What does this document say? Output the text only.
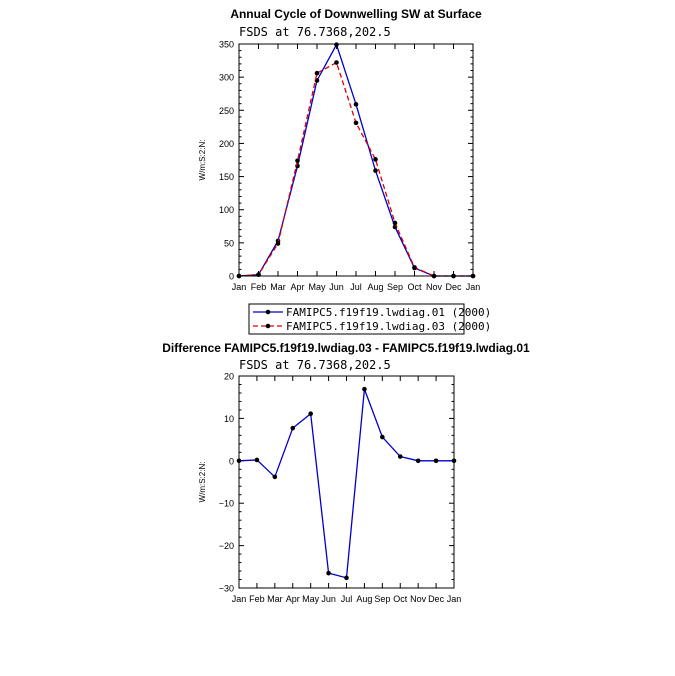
Annual Cycle of Downwelling SW at Surface
FSDS at 76.7368,202.5
W/m:S:2:N:
Jan Feb Mar Apr May Jun Jul Aug Sep Oct Nov Dec Jan
0
50
100
150
200
250
300
350
FAMIPC5.f19f19.lwdiag.01 (2000)
FAMIPC5.f19f19.lwdiag.03 (2000)
Difference FAMIPC5.f19f19.lwdiag.03 - FAMIPC5.f19f19.lwdiag.01
FSDS at 76.7368,202.5
W/m:S:2:N:
Jan Feb Mar Apr May Jun Jul Aug Sep Oct Nov Dec Jan
−30
−20
−10
0
10
20
